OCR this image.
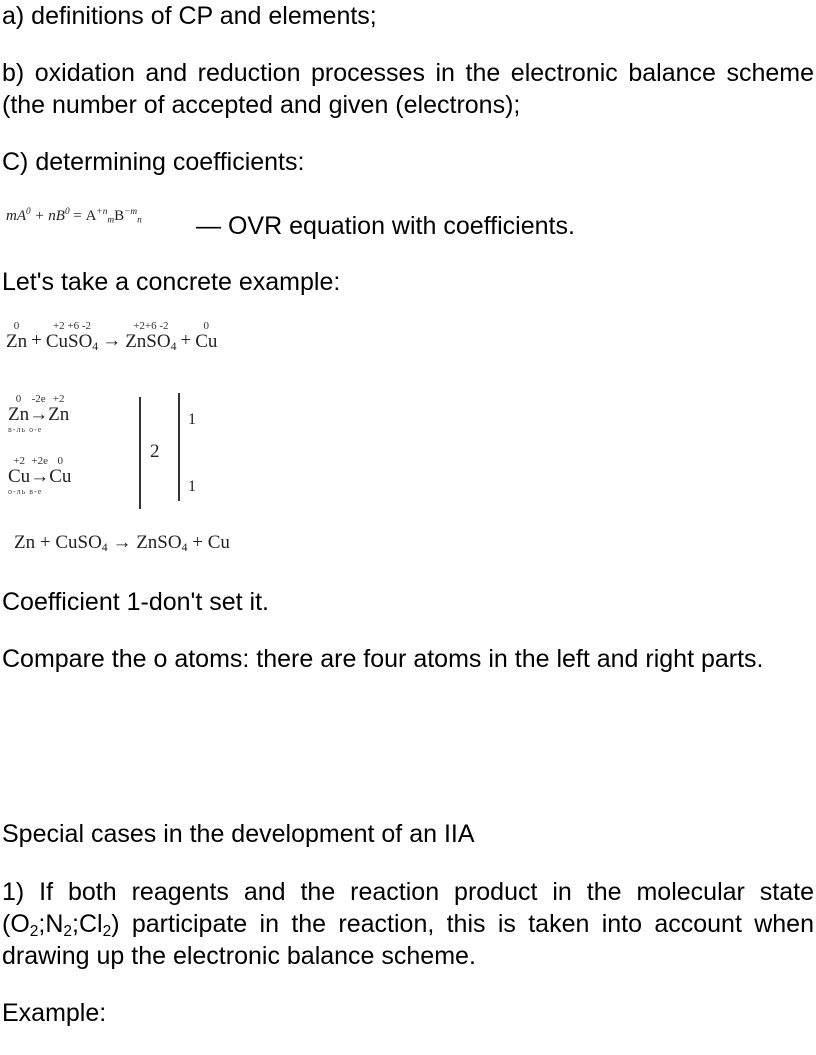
a) definitions of CP and elements;

b) oxidation and reduction processes in the electronic balance scheme (the number of accepted and given (electrons);

C) determining coefficients:

$mA^0 + nB^0 = A^{+n}_mB^{-m}_n$ — OVR equation with coefficients.

Let's take a concrete example:

0
Zn +
+2 +6 -2
CuSO$_4$ →
+2+6 -2
ZnSO$_4$ +
0
Cu
0
Zn
-2e
→
+2
Zn
в-ль о-е
+2
Cu
+2e
→
0
Cu
о-ль в-е
2
1
1
Zn + CuSO$_4$ → ZnSO$_4$ + Cu

Coefficient 1-don't set it.

Compare the o atoms: there are four atoms in the left and right parts.

Special cases in the development of an IIA

1) If both reagents and the reaction product in the molecular state $(O_2;N_2;Cl_2)$ participate in the reaction, this is taken into account when drawing up the electronic balance scheme.

Example:
